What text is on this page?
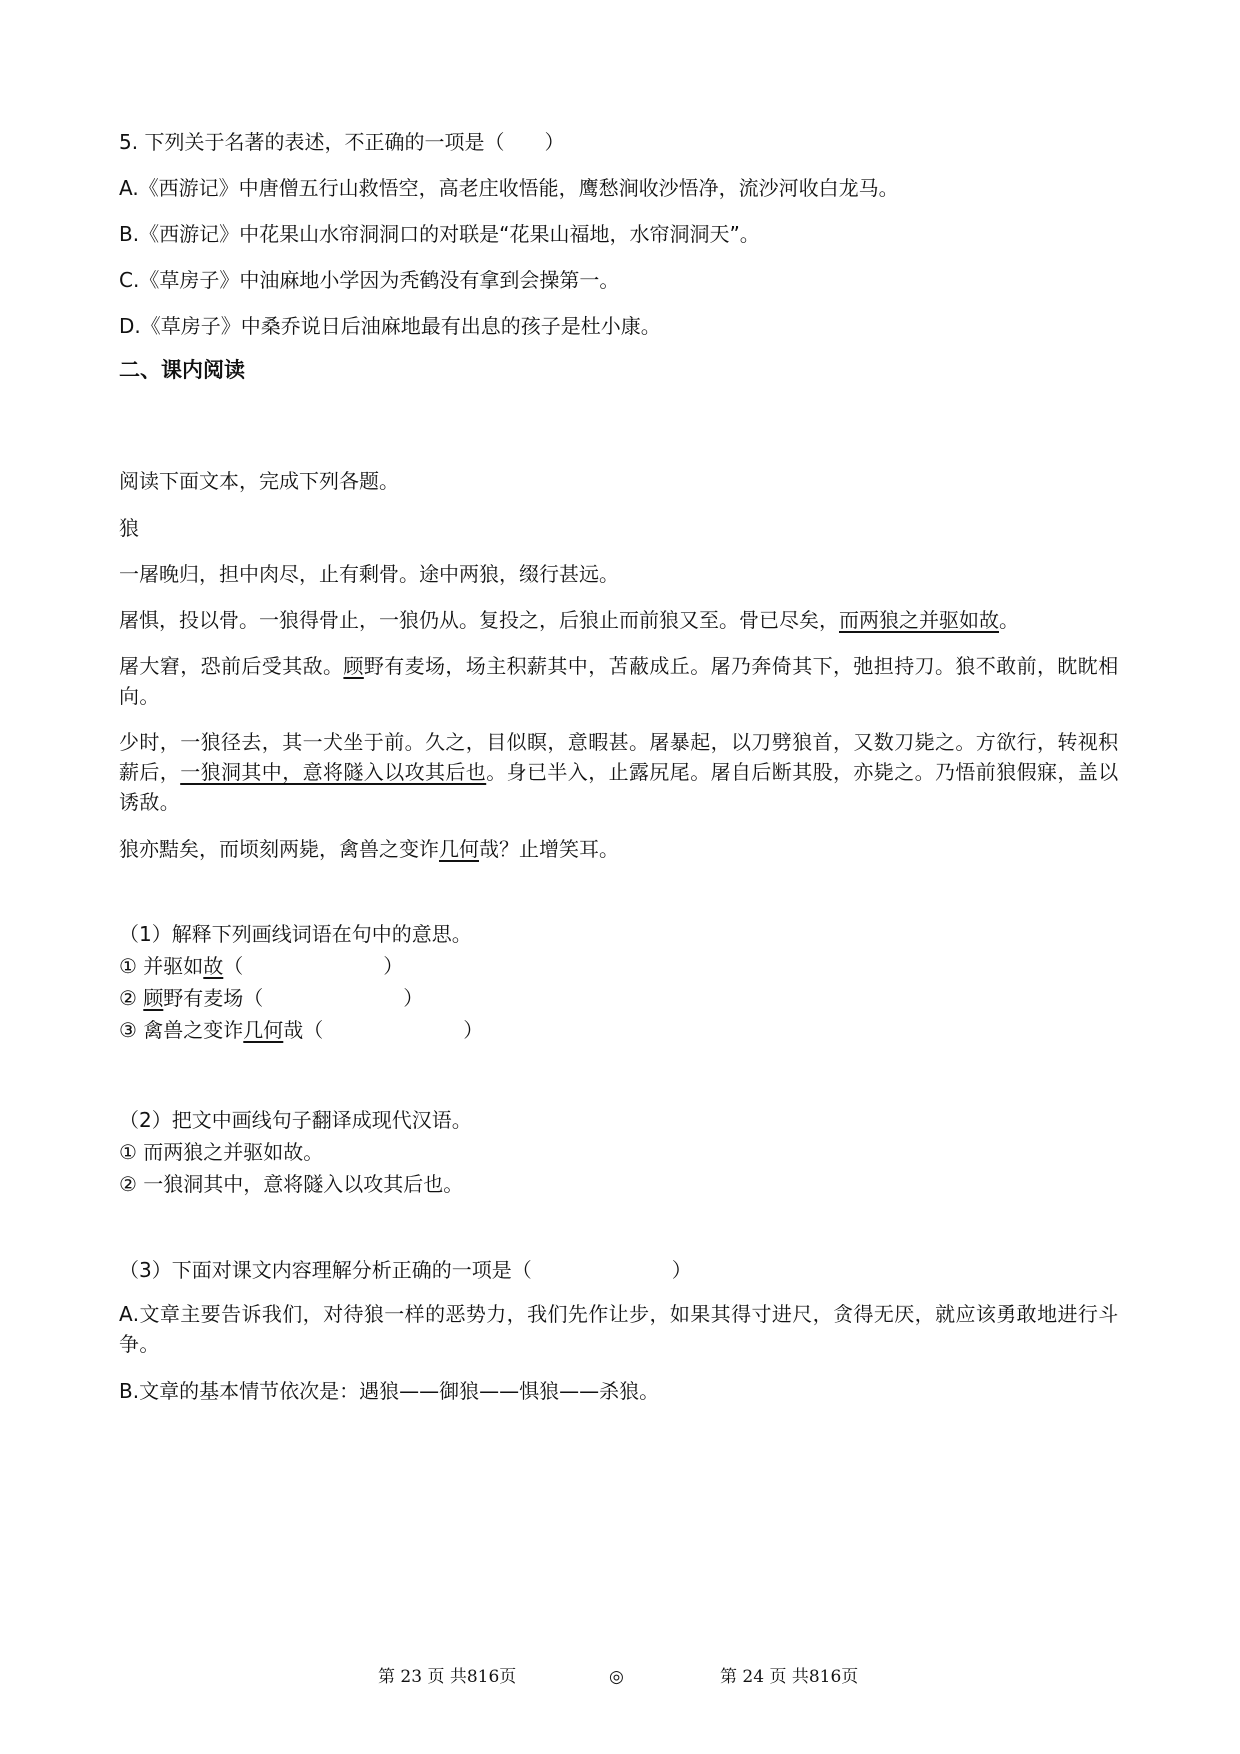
5. 下列关于名著的表述，不正确的一项是（　　）

A.《西游记》中唐僧五行山救悟空，高老庄收悟能，鹰愁涧收沙悟净，流沙河收白龙马。

B.《西游记》中花果山水帘洞洞口的对联是“花果山福地，水帘洞洞天”。

C.《草房子》中油麻地小学因为秃鹤没有拿到会操第一。

D.《草房子》中桑乔说日后油麻地最有出息的孩子是杜小康。

二、课内阅读

阅读下面文本，完成下列各题。

狼

一屠晚归，担中肉尽，止有剩骨。途中两狼，缀行甚远。

屠惧，投以骨。一狼得骨止，一狼仍从。复投之，后狼止而前狼又至。骨已尽矣，而两狼之并驱如故。

屠大窘，恐前后受其敌。顾野有麦场，场主积薪其中，苫蔽成丘。屠乃奔倚其下，弛担持刀。狼不敢前，眈眈相向。

少时，一狼径去，其一犬坐于前。久之，目似瞑，意暇甚。屠暴起，以刀劈狼首，又数刀毙之。方欲行，转视积薪后，一狼洞其中，意将隧入以攻其后也。身已半入，止露尻尾。屠自后断其股，亦毙之。乃悟前狼假寐，盖以诱敌。

狼亦黠矣，而顷刻两毙，禽兽之变诈几何哉？止增笑耳。

（1）解释下列画线词语在句中的意思。

① 并驱如故（　　　　　　　）

② 顾野有麦场（　　　　　　　）

③ 禽兽之变诈几何哉（　　　　　　　）

（2）把文中画线句子翻译成现代汉语。

① 而两狼之并驱如故。

② 一狼洞其中，意将隧入以攻其后也。

（3）下面对课文内容理解分析正确的一项是（　　　　　　　）

A.文章主要告诉我们，对待狼一样的恶势力，我们先作让步，如果其得寸进尺，贪得无厌，就应该勇敢地进行斗争。

B.文章的基本情节依次是：遇狼——御狼——惧狼——杀狼。

第 23 页 共816页	◎	第 24 页 共816页
